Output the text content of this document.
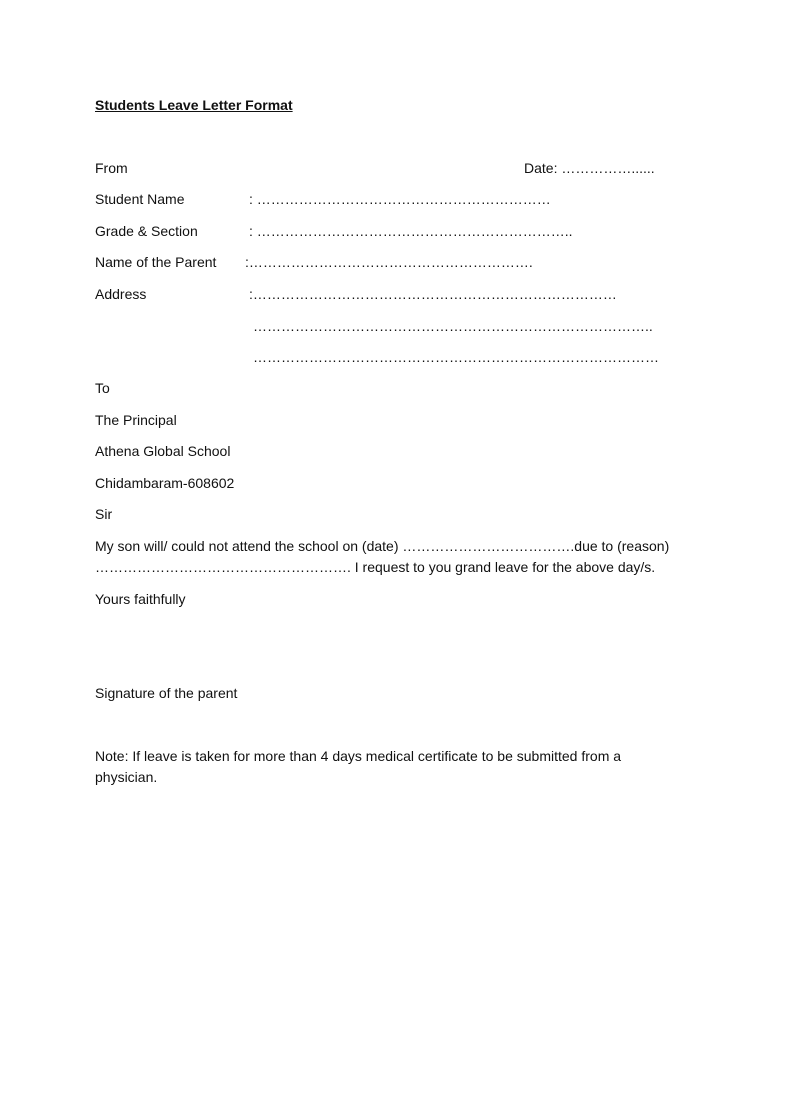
Students Leave Letter Format
From	Date: ……………......
Student Name	: ………………………………………………………
Grade & Section	: …………………………………………………………..
Name of the Parent :…………………………………………………….
Address	:……………………………………………………………………
…………………………………………………………………………..
……………………………………………………………………………
To
The Principal
Athena Global School
Chidambaram-608602
Sir
My son will/ could not attend the school on (date) ……………………………….due to (reason)
………………………………………………. I request to you grand leave for the above day/s.
Yours faithfully
Signature of the parent
Note: If leave is taken for more than 4 days medical certificate to be submitted from a
physician.
